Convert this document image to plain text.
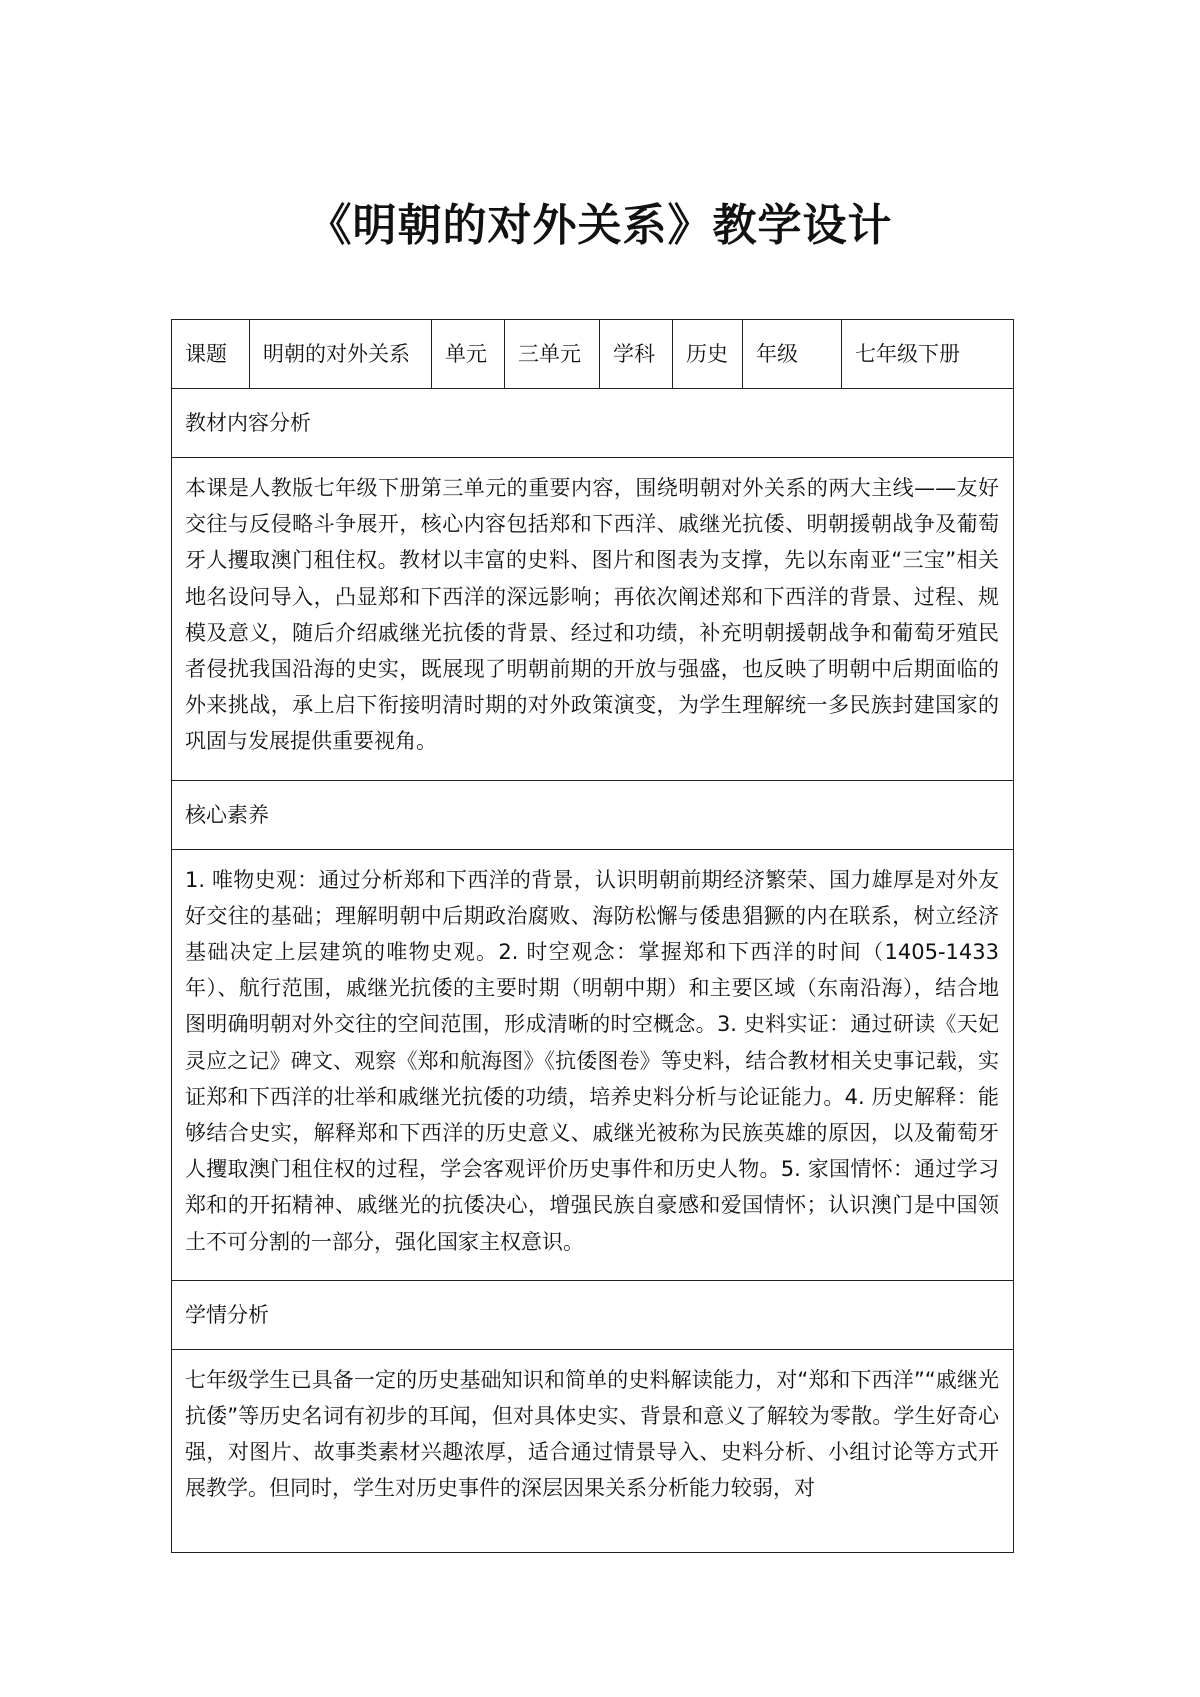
《明朝的对外关系》教学设计
课题	明朝的对外关系	单元	三单元	学科	历史	年级	七年级下册
教材内容分析
本课是人教版七年级下册第三单元的重要内容，围绕明朝对外关系的两大主线——友好交往与反侵略斗争展开，核心内容包括郑和下西洋、戚继光抗倭、明朝援朝战争及葡萄牙人攫取澳门租住权。教材以丰富的史料、图片和图表为支撑，先以东南亚“三宝”相关地名设问导入，凸显郑和下西洋的深远影响；再依次阐述郑和下西洋的背景、过程、规模及意义，随后介绍戚继光抗倭的背景、经过和功绩，补充明朝援朝战争和葡萄牙殖民者侵扰我国沿海的史实，既展现了明朝前期的开放与强盛，也反映了明朝中后期面临的外来挑战，承上启下衔接明清时期的对外政策演变，为学生理解统一多民族封建国家的巩固与发展提供重要视角。
核心素养
1. 唯物史观：通过分析郑和下西洋的背景，认识明朝前期经济繁荣、国力雄厚是对外友好交往的基础；理解明朝中后期政治腐败、海防松懈与倭患猖獗的内在联系，树立经济基础决定上层建筑的唯物史观。2. 时空观念：掌握郑和下西洋的时间（1405-1433 年）、航行范围，戚继光抗倭的主要时期（明朝中期）和主要区域（东南沿海），结合地图明确明朝对外交往的空间范围，形成清晰的时空概念。3. 史料实证：通过研读《天妃灵应之记》碑文、观察《郑和航海图》《抗倭图卷》等史料，结合教材相关史事记载，实证郑和下西洋的壮举和戚继光抗倭的功绩，培养史料分析与论证能力。4. 历史解释：能够结合史实，解释郑和下西洋的历史意义、戚继光被称为民族英雄的原因，以及葡萄牙人攫取澳门租住权的过程，学会客观评价历史事件和历史人物。5. 家国情怀：通过学习郑和的开拓精神、戚继光的抗倭决心，增强民族自豪感和爱国情怀；认识澳门是中国领土不可分割的一部分，强化国家主权意识。
学情分析
七年级学生已具备一定的历史基础知识和简单的史料解读能力，对“郑和下西洋”“戚继光抗倭”等历史名词有初步的耳闻，但对具体史实、背景和意义了解较为零散。学生好奇心强，对图片、故事类素材兴趣浓厚，适合通过情景导入、史料分析、小组讨论等方式开展教学。但同时，学生对历史事件的深层因果关系分析能力较弱，对
